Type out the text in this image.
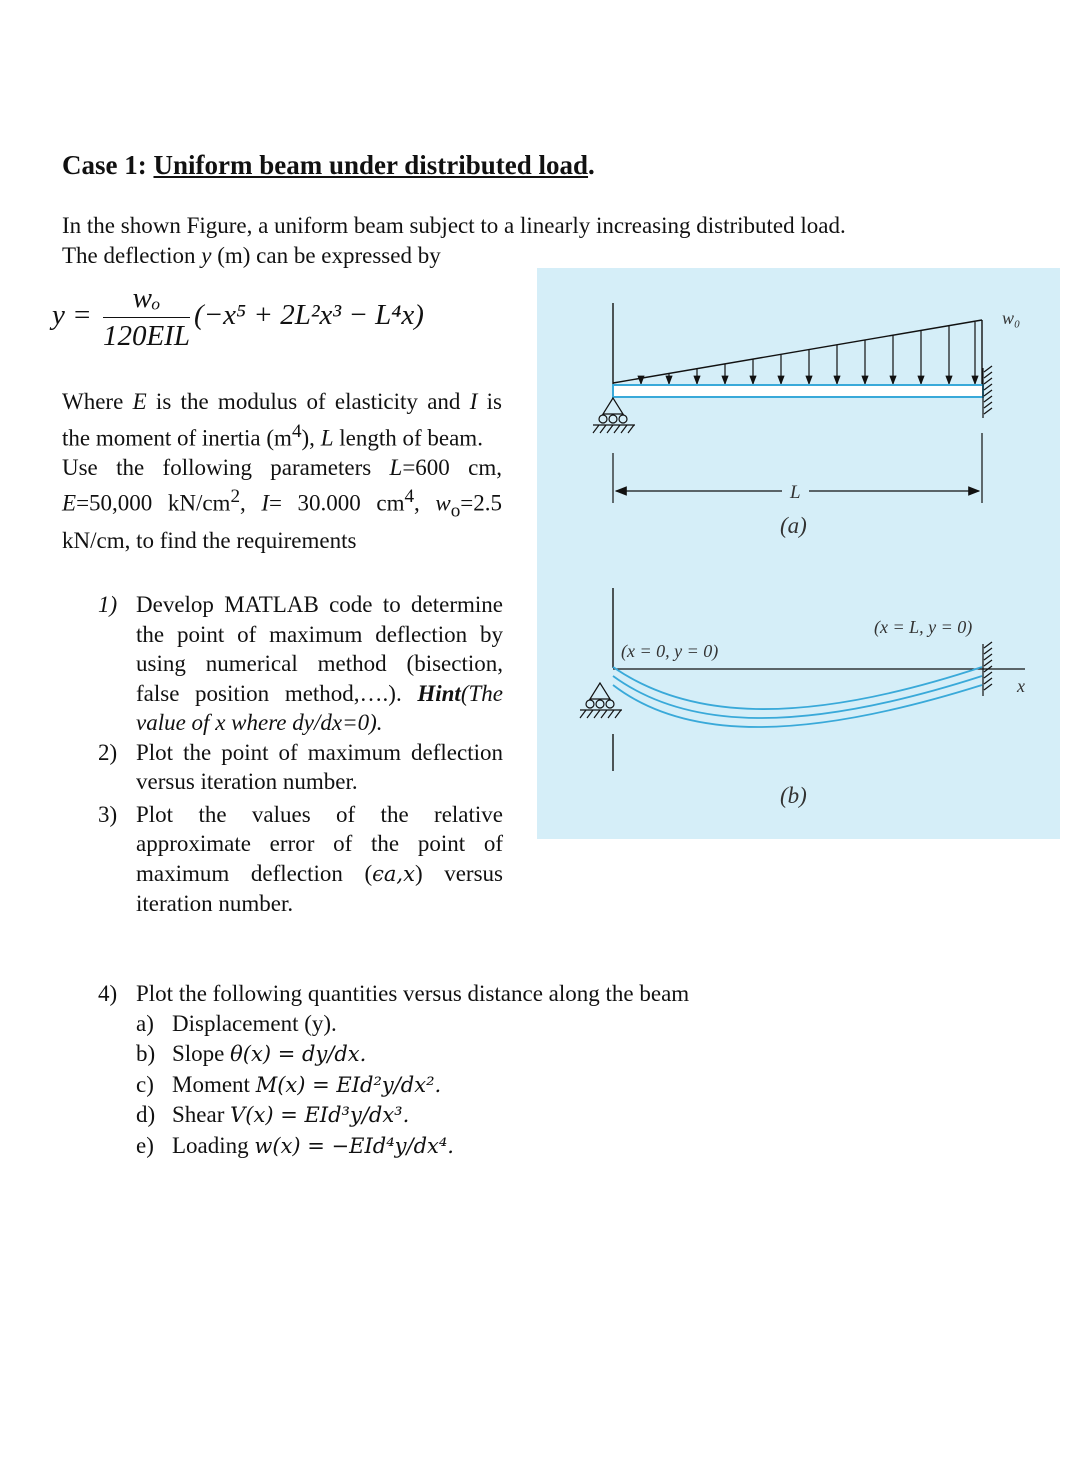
Case 1: Uniform beam under distributed load.
In the shown Figure, a uniform beam subject to a linearly increasing distributed load.
The deflection y (m) can be expressed by
$y = \frac{\text{wₒ}}{\text{120EIL}} (-x^5 + 2L^2x^3 - L^4x)$
Where E is the modulus of elasticity and I is the moment of inertia $(m^4)$, L length of beam.
Use the following parameters L=600 cm, E=50,000 $kN/cm^2$, I= 30.000 $cm^4$, $w_o=2.5$ kN/cm, to find the requirements
w₀
L
(a)
x
(x = 0, y = 0)
(x = L, y = 0)
(b)
1) Develop MATLAB code to determine the point of maximum deflection by using numerical method (bisection, false position method,….). Hint(The value of x where dy/dx=0).
2) Plot the point of maximum deflection versus iteration number.
3) Plot the values of the relative approximate error of the point of maximum deflection (ϵa,x) versus iteration number.
4) Plot the following quantities versus distance along the beam
a) Displacement (y).
b) Slope θ(x) = dy/dx.
c) Moment M(x) = EId²y/dx².
d) Shear V(x) = EId³y/dx³.
e) Loading w(x) = −EId⁴y/dx⁴.
